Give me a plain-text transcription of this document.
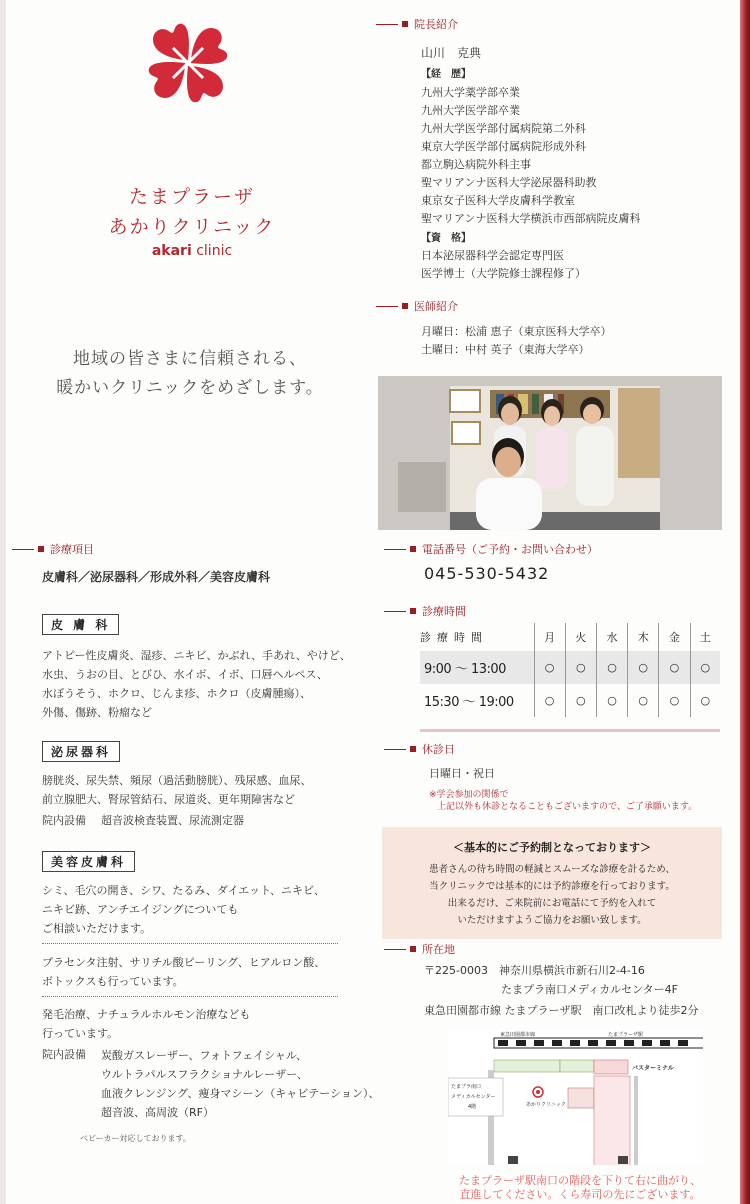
たまプラーザ
あかりクリニック
akari clinic
地域の皆さまに信頼される、
暖かいクリニックをめざします。
院長紹介
山川　克典
【経　歴】
九州大学薬学部卒業
九州大学医学部卒業
九州大学医学部付属病院第二外科
東京大学医学部付属病院形成外科
都立駒込病院外科主事
聖マリアンナ医科大学泌尿器科助教
東京女子医科大学皮膚科学教室
聖マリアンナ医科大学横浜市西部病院皮膚科
【資　格】
日本泌尿器科学会認定専門医
医学博士（大学院修士課程修了）
医師紹介
月曜日：松浦 恵子（東京医科大学卒）
土曜日：中村 英子（東海大学卒）
診療項目
皮膚科／泌尿器科／形成外科／美容皮膚科
皮 膚 科
アトピー性皮膚炎、湿疹、ニキビ、かぶれ、手あれ、やけど、
水虫、うおの目、とびひ、水イボ、イボ、口唇ヘルペス、
水ぼうそう、ホクロ、じんま疹、ホクロ（皮膚腫瘍）、
外傷、傷跡、粉瘤など
泌尿器科
膀胱炎、尿失禁、頻尿（過活動膀胱）、残尿感、血尿、
前立腺肥大、腎尿管結石、尿道炎、更年期障害など
院内設備 超音波検査装置、尿流測定器
美容皮膚科
シミ、毛穴の開き、シワ、たるみ、ダイエット、ニキビ、
ニキビ跡、アンチエイジングについても
ご相談いただけます。
プラセンタ注射、サリチル酸ピーリング、ヒアルロン酸、
ボトックスも行っています。
発毛治療、ナチュラルホルモン治療なども
行っています。
院内設備 炭酸ガスレーザー、フォトフェイシャル、
ウルトラパルスフラクショナルレーザー、
血液クレンジング、痩身マシーン（キャビテーション）、
超音波、高周波（RF）
ベビーカー対応しております。
電話番号（ご予約・お問い合わせ）
045-530-5432
診療時間
診療時間	月	火	水	木	金	土
9:00 〜 13:00	○	○	○	○	○	○
15:30 〜 19:00	○	○	○	○	○	○
休診日
日曜日・祝日
※学会参加の関係で
上記以外も休診となることもございますので、ご了承願います。
＜基本的にご予約制となっております＞
患者さんの待ち時間の軽減とスムーズな診療を計るため、
当クリニックでは基本的には予約診療を行っております。
出来るだけ、ご来院前にお電話にて予約を入れて
いただけますようご協力をお願い致します。
所在地
〒225-0003　神奈川県横浜市新石川2-4-16
たまプラ南口メディカルセンター4F
東急田園都市線 たまプラーザ駅　南口改札より徒歩2分
東急田園都市線	たまプラーザ駅
バスターミナル
たまプラ南口
メディカルセンター
4階	あかりクリニック
たまプラーザ駅南口の階段を下りて右に曲がり、
直進してください。くら寿司の先にございます。
